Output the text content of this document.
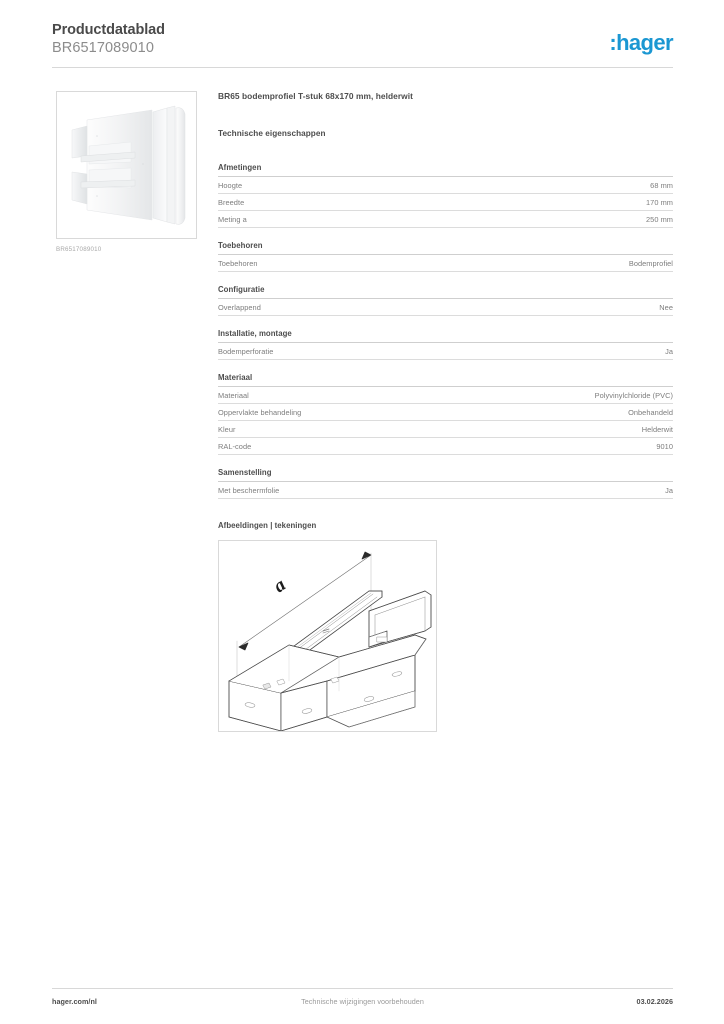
Productdatablad
BR6517089010	:hager
BR6517089010
BR65 bodemprofiel T-stuk 68x170 mm, helderwit
Technische eigenschappen
Afmetingen
Hoogte	68 mm
Breedte	170 mm
Meting a	250 mm
Toebehoren
Toebehoren	Bodemprofiel
Configuratie
Overlappend	Nee
Installatie, montage
Bodemperforatie	Ja
Materiaal
Materiaal	Polyvinylchloride (PVC)
Oppervlakte behandeling	Onbehandeld
Kleur	Helderwit
RAL-code	9010
Samenstelling
Met beschermfolie	Ja
Afbeeldingen | tekeningen
a
hager.com/nl	Technische wijzigingen voorbehouden	03.02.2026
